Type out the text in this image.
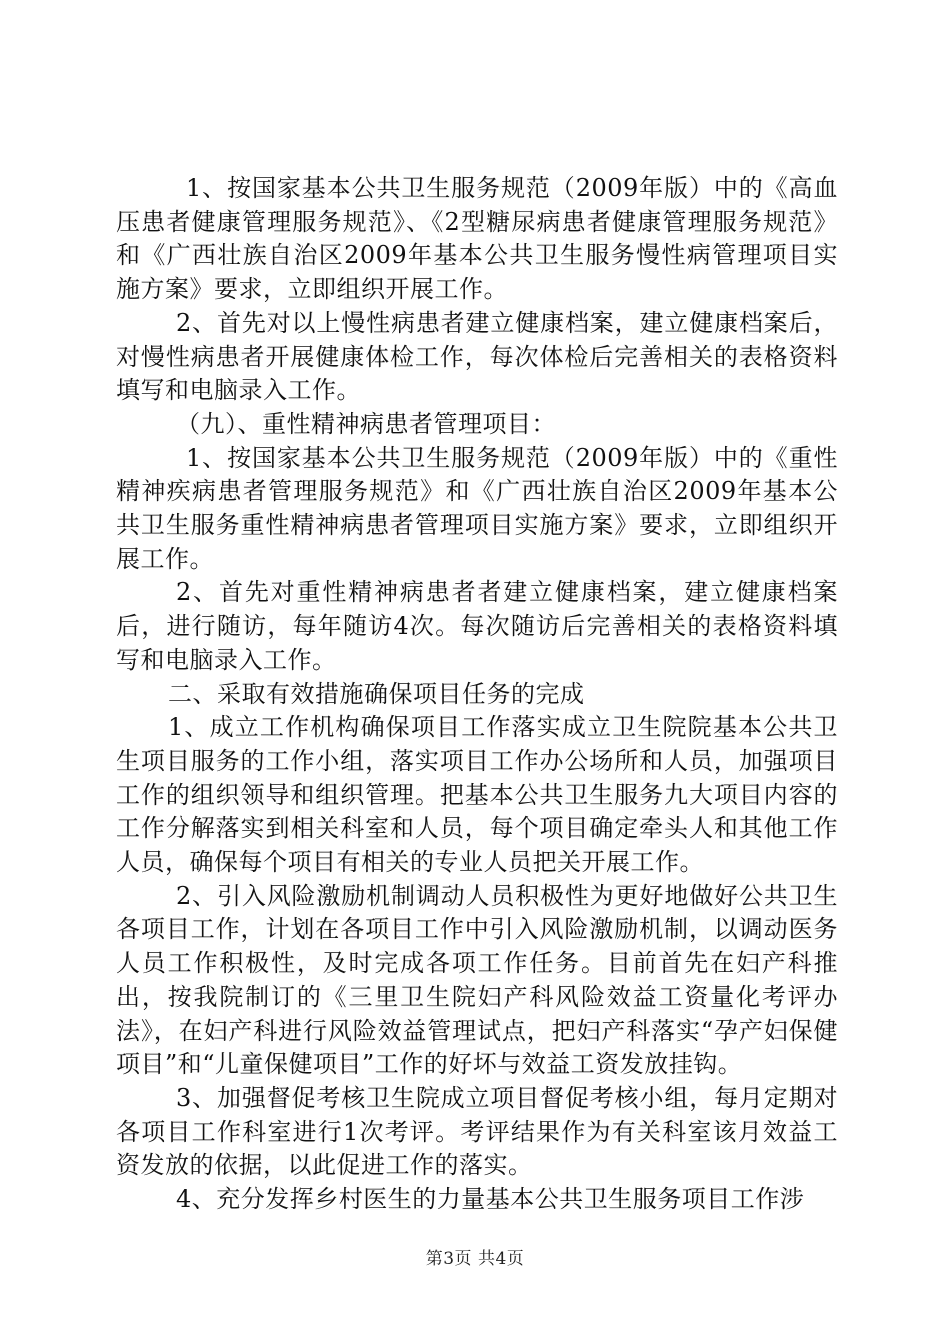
1、按国家基本公共卫生服务规范（2009年版）中的《高血压患者健康管理服务规范》、《2型糖尿病患者健康管理服务规范》和《广西壮族自治区2009年基本公共卫生服务慢性病管理项目实施方案》要求，立即组织开展工作。

2、首先对以上慢性病患者建立健康档案，建立健康档案后，对慢性病患者开展健康体检工作，每次体检后完善相关的表格资料填写和电脑录入工作。

（九）、重性精神病患者管理项目：

1、按国家基本公共卫生服务规范（2009年版）中的《重性精神疾病患者管理服务规范》和《广西壮族自治区2009年基本公共卫生服务重性精神病患者管理项目实施方案》要求，立即组织开展工作。

2、首先对重性精神病患者者建立健康档案，建立健康档案后，进行随访，每年随访4次。每次随访后完善相关的表格资料填写和电脑录入工作。

二、采取有效措施确保项目任务的完成

1、成立工作机构确保项目工作落实成立卫生院院基本公共卫生项目服务的工作小组，落实项目工作办公场所和人员，加强项目工作的组织领导和组织管理。把基本公共卫生服务九大项目内容的工作分解落实到相关科室和人员，每个项目确定牵头人和其他工作人员，确保每个项目有相关的专业人员把关开展工作。

2、引入风险激励机制调动人员积极性为更好地做好公共卫生各项目工作，计划在各项目工作中引入风险激励机制，以调动医务人员工作积极性，及时完成各项工作任务。目前首先在妇产科推出，按我院制订的《三里卫生院妇产科风险效益工资量化考评办法》，在妇产科进行风险效益管理试点，把妇产科落实“孕产妇保健项目”和“儿童保健项目”工作的好坏与效益工资发放挂钩。

3、加强督促考核卫生院成立项目督促考核小组，每月定期对各项目工作科室进行1次考评。考评结果作为有关科室该月效益工资发放的依据，以此促进工作的落实。

4、充分发挥乡村医生的力量基本公共卫生服务项目工作涉

第3页 共4页
